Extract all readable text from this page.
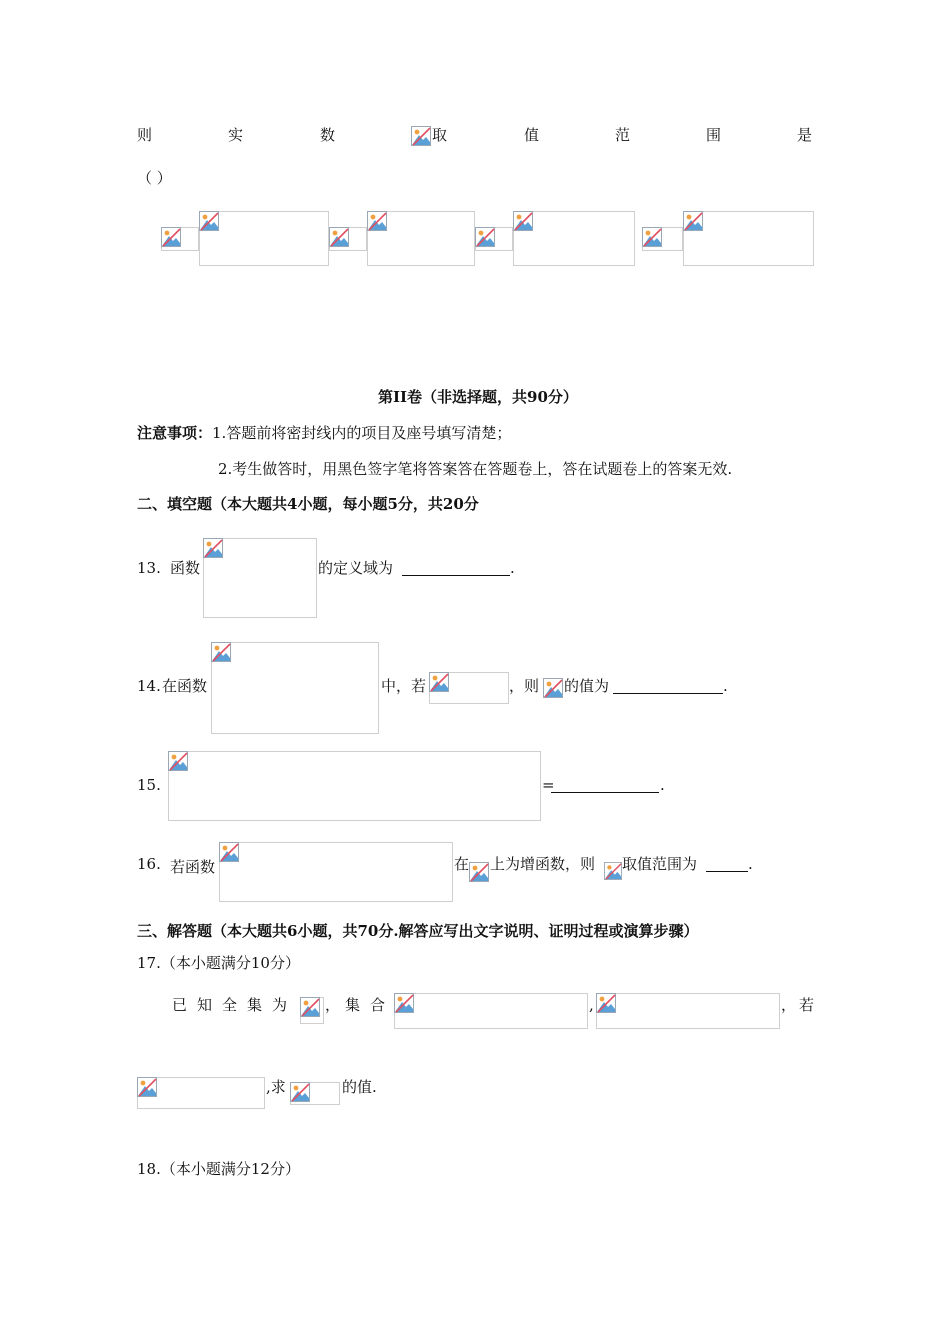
则	实	数	取	值	范	围	是
（ ）
第II卷（非选择题，共90分）
注意事项：1.答题前将密封线内的项目及座号填写清楚；
2.考生做答时，用黑色签字笔将答案答在答题卷上，答在试题卷上的答案无效.
二、填空题（本大题共4小题，每小题5分，共20分
13. 函数	的定义域为	.
14. 在函数	中，若	，则 的值为	.
15.	=	.
16. 若函数	在 上为增函数，则 取值范围为	.
三、解答题（本大题共6小题，共70分.解答应写出文字说明、证明过程或演算步骤）
17.（本小题满分10分）
已 知 全 集 为	， 集 合	,	， 若
,求	的值.
18.（本小题满分12分）
